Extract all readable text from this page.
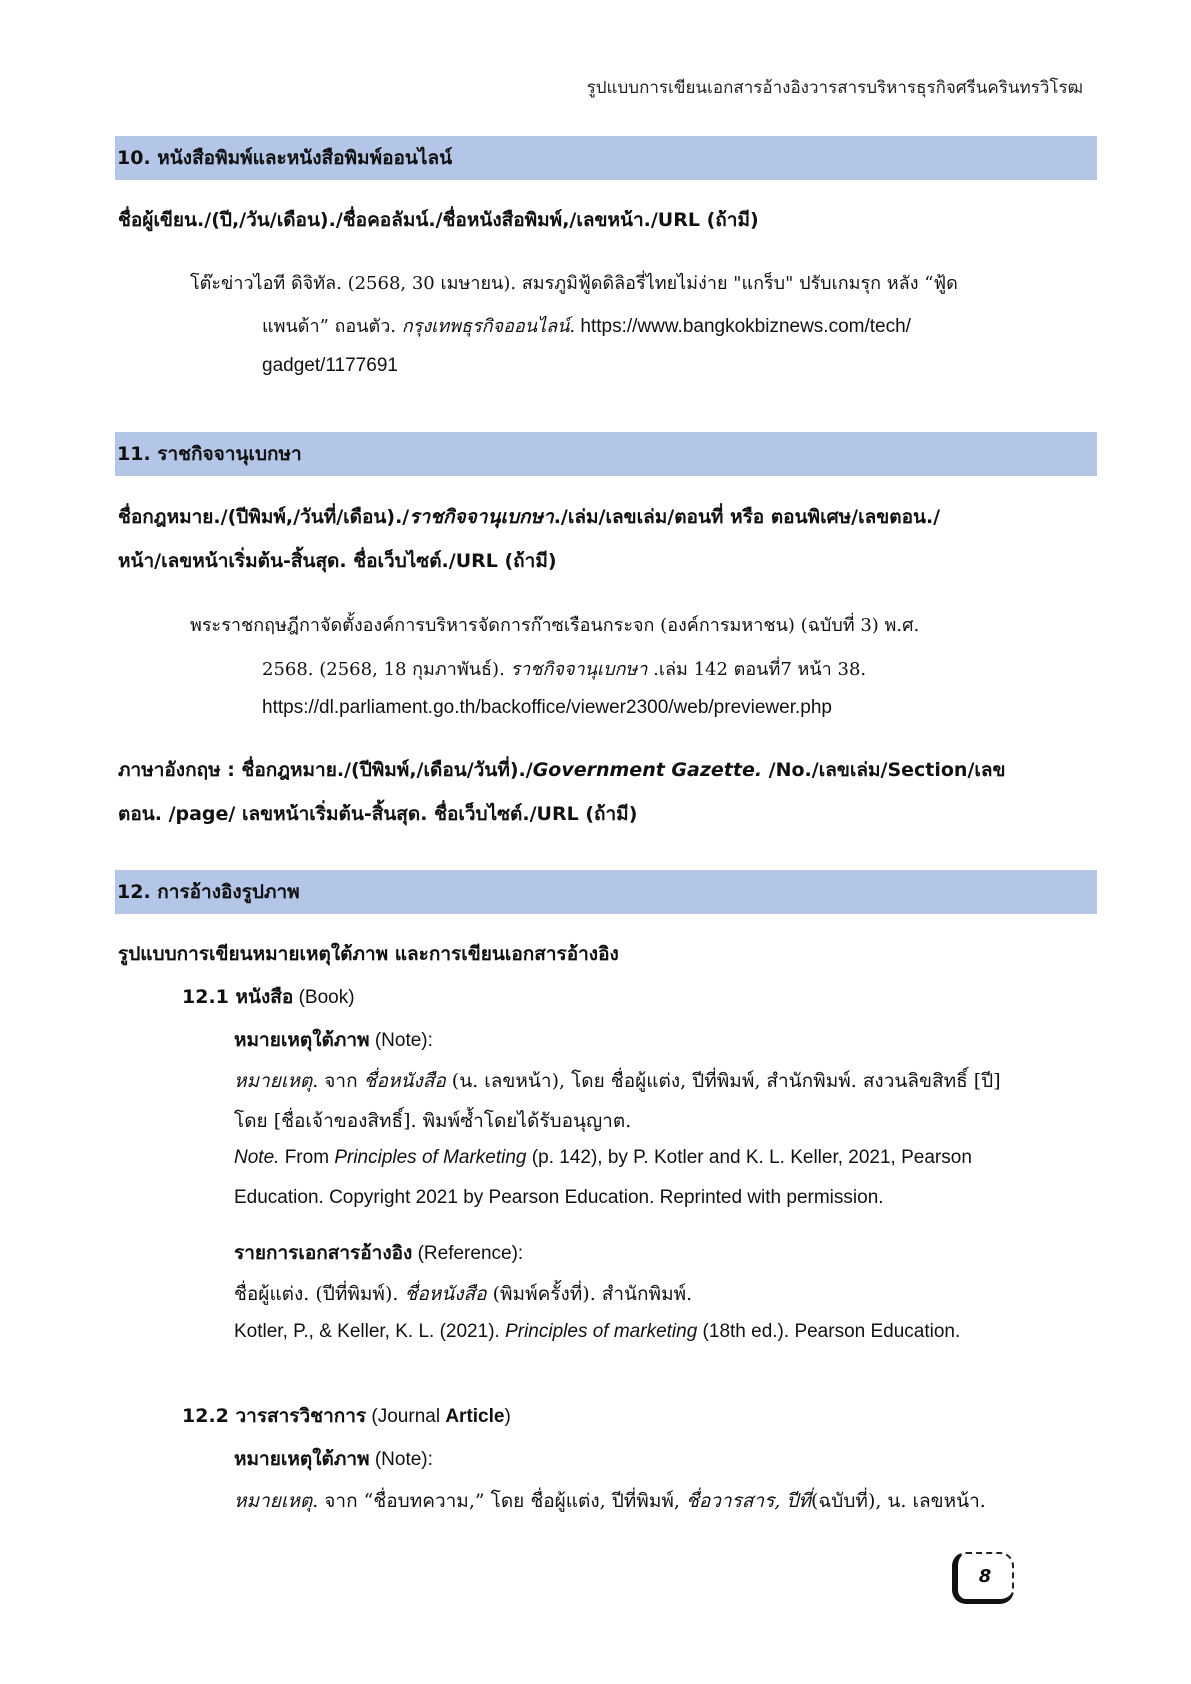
รูปแบบการเขียนเอกสารอ้างอิงวารสารบริหารธุรกิจศรีนครินทรวิโรฒ
10. หนังสือพิมพ์และหนังสือพิมพ์ออนไลน์
ชื่อผู้เขียน./(ปี,/วัน/เดือน)./ชื่อคอลัมน์./ชื่อหนังสือพิมพ์,/เลขหน้า./URL (ถ้ามี)
โต๊ะข่าวไอที ดิจิทัล. (2568, 30 เมษายน). สมรภูมิฟู้ดดิลิอรี่ไทยไม่ง่าย "แกร็บ" ปรับเกมรุก หลัง “ฟู้ด
แพนด้า” ถอนตัว. กรุงเทพธุรกิจออนไลน์. https://www.bangkokbiznews.com/tech/
gadget/1177691
11. ราชกิจจานุเบกษา
ชื่อกฎหมาย./(ปีพิมพ์,/วันที่/เดือน)./ราชกิจจานุเบกษา./เล่ม/เลขเล่ม/ตอนที่ หรือ ตอนพิเศษ/เลขตอน./
หน้า/เลขหน้าเริ่มต้น-สิ้นสุด. ชื่อเว็บไซต์./URL (ถ้ามี)
พระราชกฤษฎีกาจัดตั้งองค์การบริหารจัดการก๊าซเรือนกระจก (องค์การมหาชน) (ฉบับที่ 3) พ.ศ.
2568. (2568, 18 กุมภาพันธ์). ราชกิจจานุเบกษา .เล่ม 142 ตอนที่7 หน้า 38.
https://dl.parliament.go.th/backoffice/viewer2300/web/previewer.php
ภาษาอังกฤษ : ชื่อกฎหมาย./(ปีพิมพ์,/เดือน/วันที่)./Government Gazette. /No./เลขเล่ม/Section/เลข
ตอน. /page/ เลขหน้าเริ่มต้น-สิ้นสุด. ชื่อเว็บไซต์./URL (ถ้ามี)
12. การอ้างอิงรูปภาพ
รูปแบบการเขียนหมายเหตุใต้ภาพ และการเขียนเอกสารอ้างอิง
12.1 หนังสือ (Book)
หมายเหตุใต้ภาพ (Note):
หมายเหตุ. จาก ชื่อหนังสือ (น. เลขหน้า), โดย ชื่อผู้แต่ง, ปีที่พิมพ์, สำนักพิมพ์. สงวนลิขสิทธิ์ [ปี]
โดย [ชื่อเจ้าของสิทธิ์]. พิมพ์ซ้ำโดยได้รับอนุญาต.
Note. From Principles of Marketing (p. 142), by P. Kotler and K. L. Keller, 2021, Pearson
Education. Copyright 2021 by Pearson Education. Reprinted with permission.
รายการเอกสารอ้างอิง (Reference):
ชื่อผู้แต่ง. (ปีที่พิมพ์). ชื่อหนังสือ (พิมพ์ครั้งที่). สำนักพิมพ์.
Kotler, P., & Keller, K. L. (2021). Principles of marketing (18th ed.). Pearson Education.
12.2 วารสารวิชาการ (Journal Article)
หมายเหตุใต้ภาพ (Note):
หมายเหตุ. จาก “ชื่อบทความ,” โดย ชื่อผู้แต่ง, ปีที่พิมพ์, ชื่อวารสาร, ปีที่(ฉบับที่), น. เลขหน้า.
8
